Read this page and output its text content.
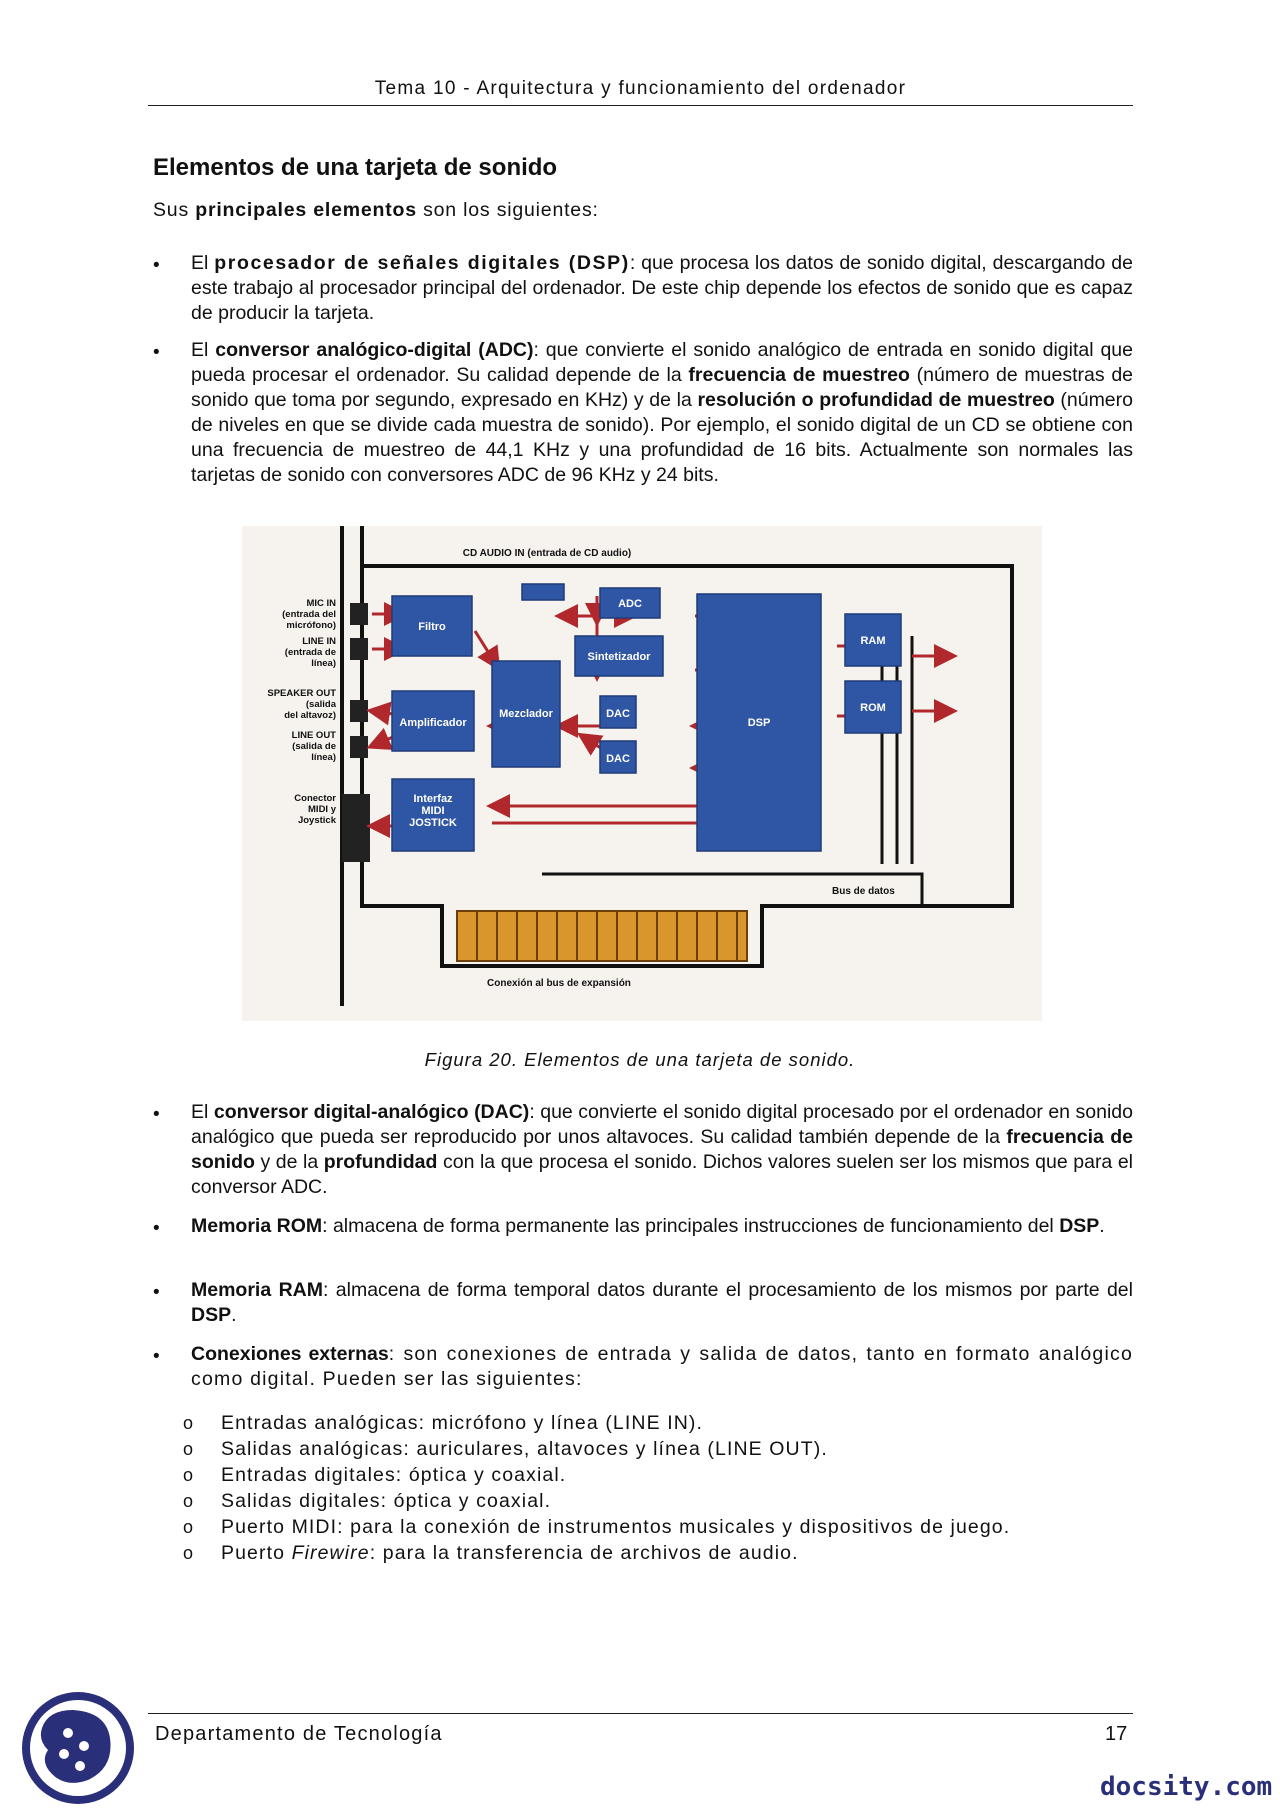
Tema 10 - Arquitectura y funcionamiento del ordenador
Elementos de una tarjeta de sonido
Sus principales elementos son los siguientes:
• El procesador de señales digitales (DSP): que procesa los datos de sonido digital, descargando de este trabajo al procesador principal del ordenador. De este chip depende los efectos de sonido que es capaz de producir la tarjeta.
• El conversor analógico-digital (ADC): que convierte el sonido analógico de entrada en sonido digital que pueda procesar el ordenador. Su calidad depende de la frecuencia de muestreo (número de muestras de sonido que toma por segundo, expresado en KHz) y de la resolución o profundidad de muestreo (número de niveles en que se divide cada muestra de sonido). Por ejemplo, el sonido digital de un CD se obtiene con una frecuencia de muestreo de 44,1 KHz y una profundidad de 16 bits. Actualmente son normales las tarjetas de sonido con conversores ADC de 96 KHz y 24 bits.
Filtro
ADC
Sintetizador
Amplificador
Mezclador	DAC
DAC
DSP
RAM
ROM
Interfaz
MIDI
JOSTICK
MIC IN
(entrada del
micrófono)
LINE IN
(entrada de
línea)
SPEAKER OUT
(salida
del altavoz)
LINE OUT
(salida de
línea)
Conector
MIDI y
Joystick
CD AUDIO IN (entrada de CD audio)
Bus de datos
Conexión al bus de expansión
Figura 20. Elementos de una tarjeta de sonido.
• El conversor digital-analógico (DAC): que convierte el sonido digital procesado por el ordenador en sonido analógico que pueda ser reproducido por unos altavoces. Su calidad también depende de la frecuencia de sonido y de la profundidad con la que procesa el sonido. Dichos valores suelen ser los mismos que para el conversor ADC.
• Memoria ROM: almacena de forma permanente las principales instrucciones de funcionamiento del DSP.
• Memoria RAM: almacena de forma temporal datos durante el procesamiento de los mismos por parte del DSP.
• Conexiones externas: son conexiones de entrada y salida de datos, tanto en formato analógico como digital. Pueden ser las siguientes:
o Entradas analógicas: micrófono y línea (LINE IN).
o Salidas analógicas: auriculares, altavoces y línea (LINE OUT).
o Entradas digitales: óptica y coaxial.
o Salidas digitales: óptica y coaxial.
o Puerto MIDI: para la conexión de instrumentos musicales y dispositivos de juego.
o Puerto Firewire: para la transferencia de archivos de audio.
Departamento de Tecnología	17
docsity.com
